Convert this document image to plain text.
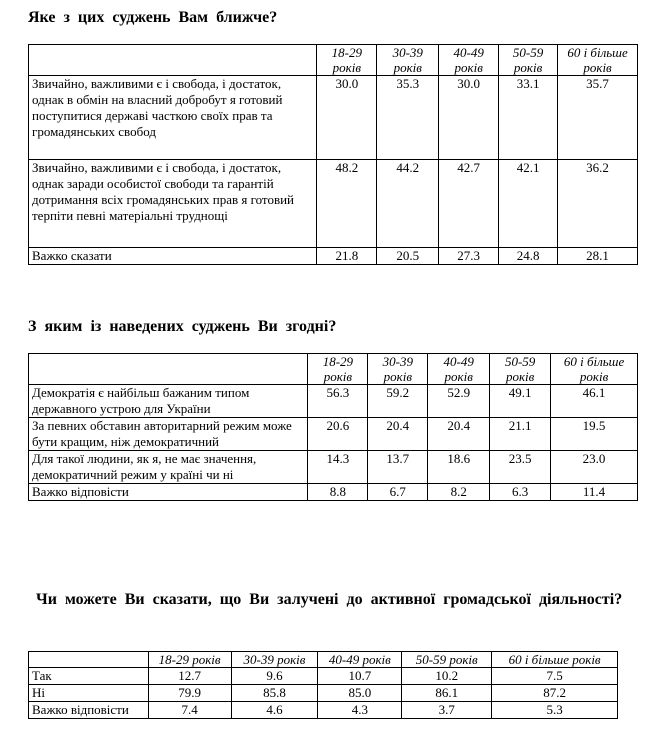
Яке з цих суджень Вам ближче?
	18-29 років	30-39 років	40-49 років	50-59 років	60 і більше років
Звичайно, важливими є і свобода, і достаток, однак в обмін на власний добробут я готовий поступитися державі часткою своїх прав та громадянських свобод	30.0	35.3	30.0	33.1	35.7
Звичайно, важливими є і свобода, і достаток, однак заради особистої свободи та гарантій дотримання всіх громадянських прав я готовий терпіти певні матеріальні труднощі	48.2	44.2	42.7	42.1	36.2
Важко сказати	21.8	20.5	27.3	24.8	28.1
З яким із наведених суджень Ви згодні?
	18-29 років	30-39 років	40-49 років	50-59 років	60 і більше років
Демократія є найбільш бажаним типом державного устрою для України	56.3	59.2	52.9	49.1	46.1
За певних обставин авторитарний режим може бути кращим, ніж демократичний	20.6	20.4	20.4	21.1	19.5
Для такої людини, як я, не має значення, демократичний режим у країні чи ні	14.3	13.7	18.6	23.5	23.0
Важко відповісти	8.8	6.7	8.2	6.3	11.4
Чи можете Ви сказати, що Ви залучені до активної громадської діяльності?
	18-29 років	30-39 років	40-49 років	50-59 років	60 і більше років
Так	12.7	9.6	10.7	10.2	7.5
Ні	79.9	85.8	85.0	86.1	87.2
Важко відповісти	7.4	4.6	4.3	3.7	5.3
